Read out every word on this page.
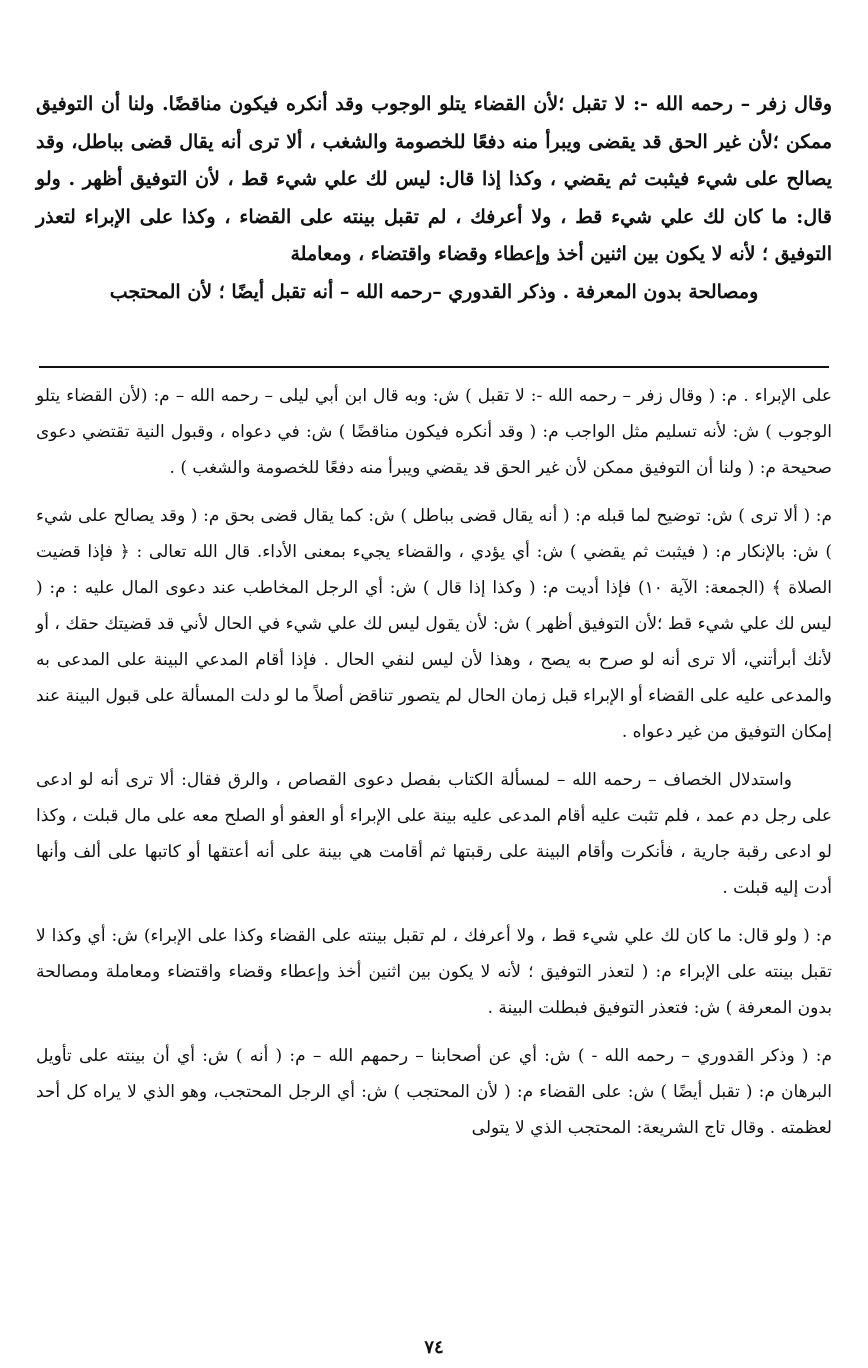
وقال زفر – رحمه الله -: لا تقبل ؛لأن القضاء يتلو الوجوب وقد أنكره فيكون مناقضًا. ولنا أن التوفيق ممكن ؛لأن غير الحق قد يقضى ويبرأ منه دفعًا للخصومة والشغب ، ألا ترى أنه يقال قضى بباطل، وقد يصالح على شيء فيثبت ثم يقضي ، وكذا إذا قال: ليس لك علي شيء قط ، لأن التوفيق أظهر . ولو قال: ما كان لك علي شيء قط ، ولا أعرفك ، لم تقبل بينته على القضاء ، وكذا على الإبراء لتعذر التوفيق ؛ لأنه لا يكون بين اثنين أخذ وإعطاء وقضاء واقتضاء ، ومعاملة

ومصالحة بدون المعرفة . وذكر القدوري –رحمه الله – أنه تقبل أيضًا ؛ لأن المحتجب

على الإبراء . م: ( وقال زفر – رحمه الله -: لا تقبل ) ش: وبه قال ابن أبي ليلى – رحمه الله – م: (لأن القضاء يتلو الوجوب ) ش: لأنه تسليم مثل الواجب م: ( وقد أنكره فيكون مناقضًا ) ش: في دعواه ، وقبول النية تقتضي دعوى صحيحة م: ( ولنا أن التوفيق ممكن لأن غير الحق قد يقضي ويبرأ منه دفعًا للخصومة والشغب ) .

م: ( ألا ترى ) ش: توضيح لما قبله م: ( أنه يقال قضى بباطل ) ش: كما يقال قضى بحق م: ( وقد يصالح على شيء ) ش: بالإنكار م: ( فيثبت ثم يقضي ) ش: أي يؤدي ، والقضاء يجيء بمعنى الأداء. قال الله تعالى : ﴿ فإذا قضيت الصلاة ﴾ (الجمعة: الآية ١٠) فإذا أديت م: ( وكذا إذا قال ) ش: أي الرجل المخاطب عند دعوى المال عليه : م: ( ليس لك علي شيء قط ؛لأن التوفيق أظهر ) ش: لأن يقول ليس لك علي شيء في الحال لأني قد قضيتك حقك ، أو لأنك أبرأتني، ألا ترى أنه لو صرح به يصح ، وهذا لأن ليس لنفي الحال . فإذا أقام المدعي البينة على المدعى به والمدعى عليه على القضاء أو الإبراء قبل زمان الحال لم يتصور تناقض أصلاً ما لو دلت المسألة على قبول البينة عند إمكان التوفيق من غير دعواه .

واستدلال الخصاف – رحمه الله – لمسألة الكتاب بفصل دعوى القصاص ، والرق فقال: ألا ترى أنه لو ادعى على رجل دم عمد ، فلم تثبت عليه أقام المدعى عليه بينة على الإبراء أو العفو أو الصلح معه على مال قبلت ، وكذا لو ادعى رقبة جارية ، فأنكرت وأقام البينة على رقبتها ثم أقامت هي بينة على أنه أعتقها أو كاتبها على ألف وأنها أدت إليه قبلت .

م: ( ولو قال: ما كان لك علي شيء قط ، ولا أعرفك ، لم تقبل بينته على القضاء وكذا على الإبراء) ش: أي وكذا لا تقبل بينته على الإبراء م: ( لتعذر التوفيق ؛ لأنه لا يكون بين اثنين أخذ وإعطاء وقضاء واقتضاء ومعاملة ومصالحة بدون المعرفة ) ش: فتعذر التوفيق فبطلت البينة .

م: ( وذكر القدوري – رحمه الله - ) ش: أي عن أصحابنا – رحمهم الله – م: ( أنه ) ش: أي أن بينته على تأويل البرهان م: ( تقبل أيضًا ) ش: على القضاء م: ( لأن المحتجب ) ش: أي الرجل المحتجب، وهو الذي لا يراه كل أحد لعظمته . وقال تاج الشريعة: المحتجب الذي لا يتولى

٧٤
